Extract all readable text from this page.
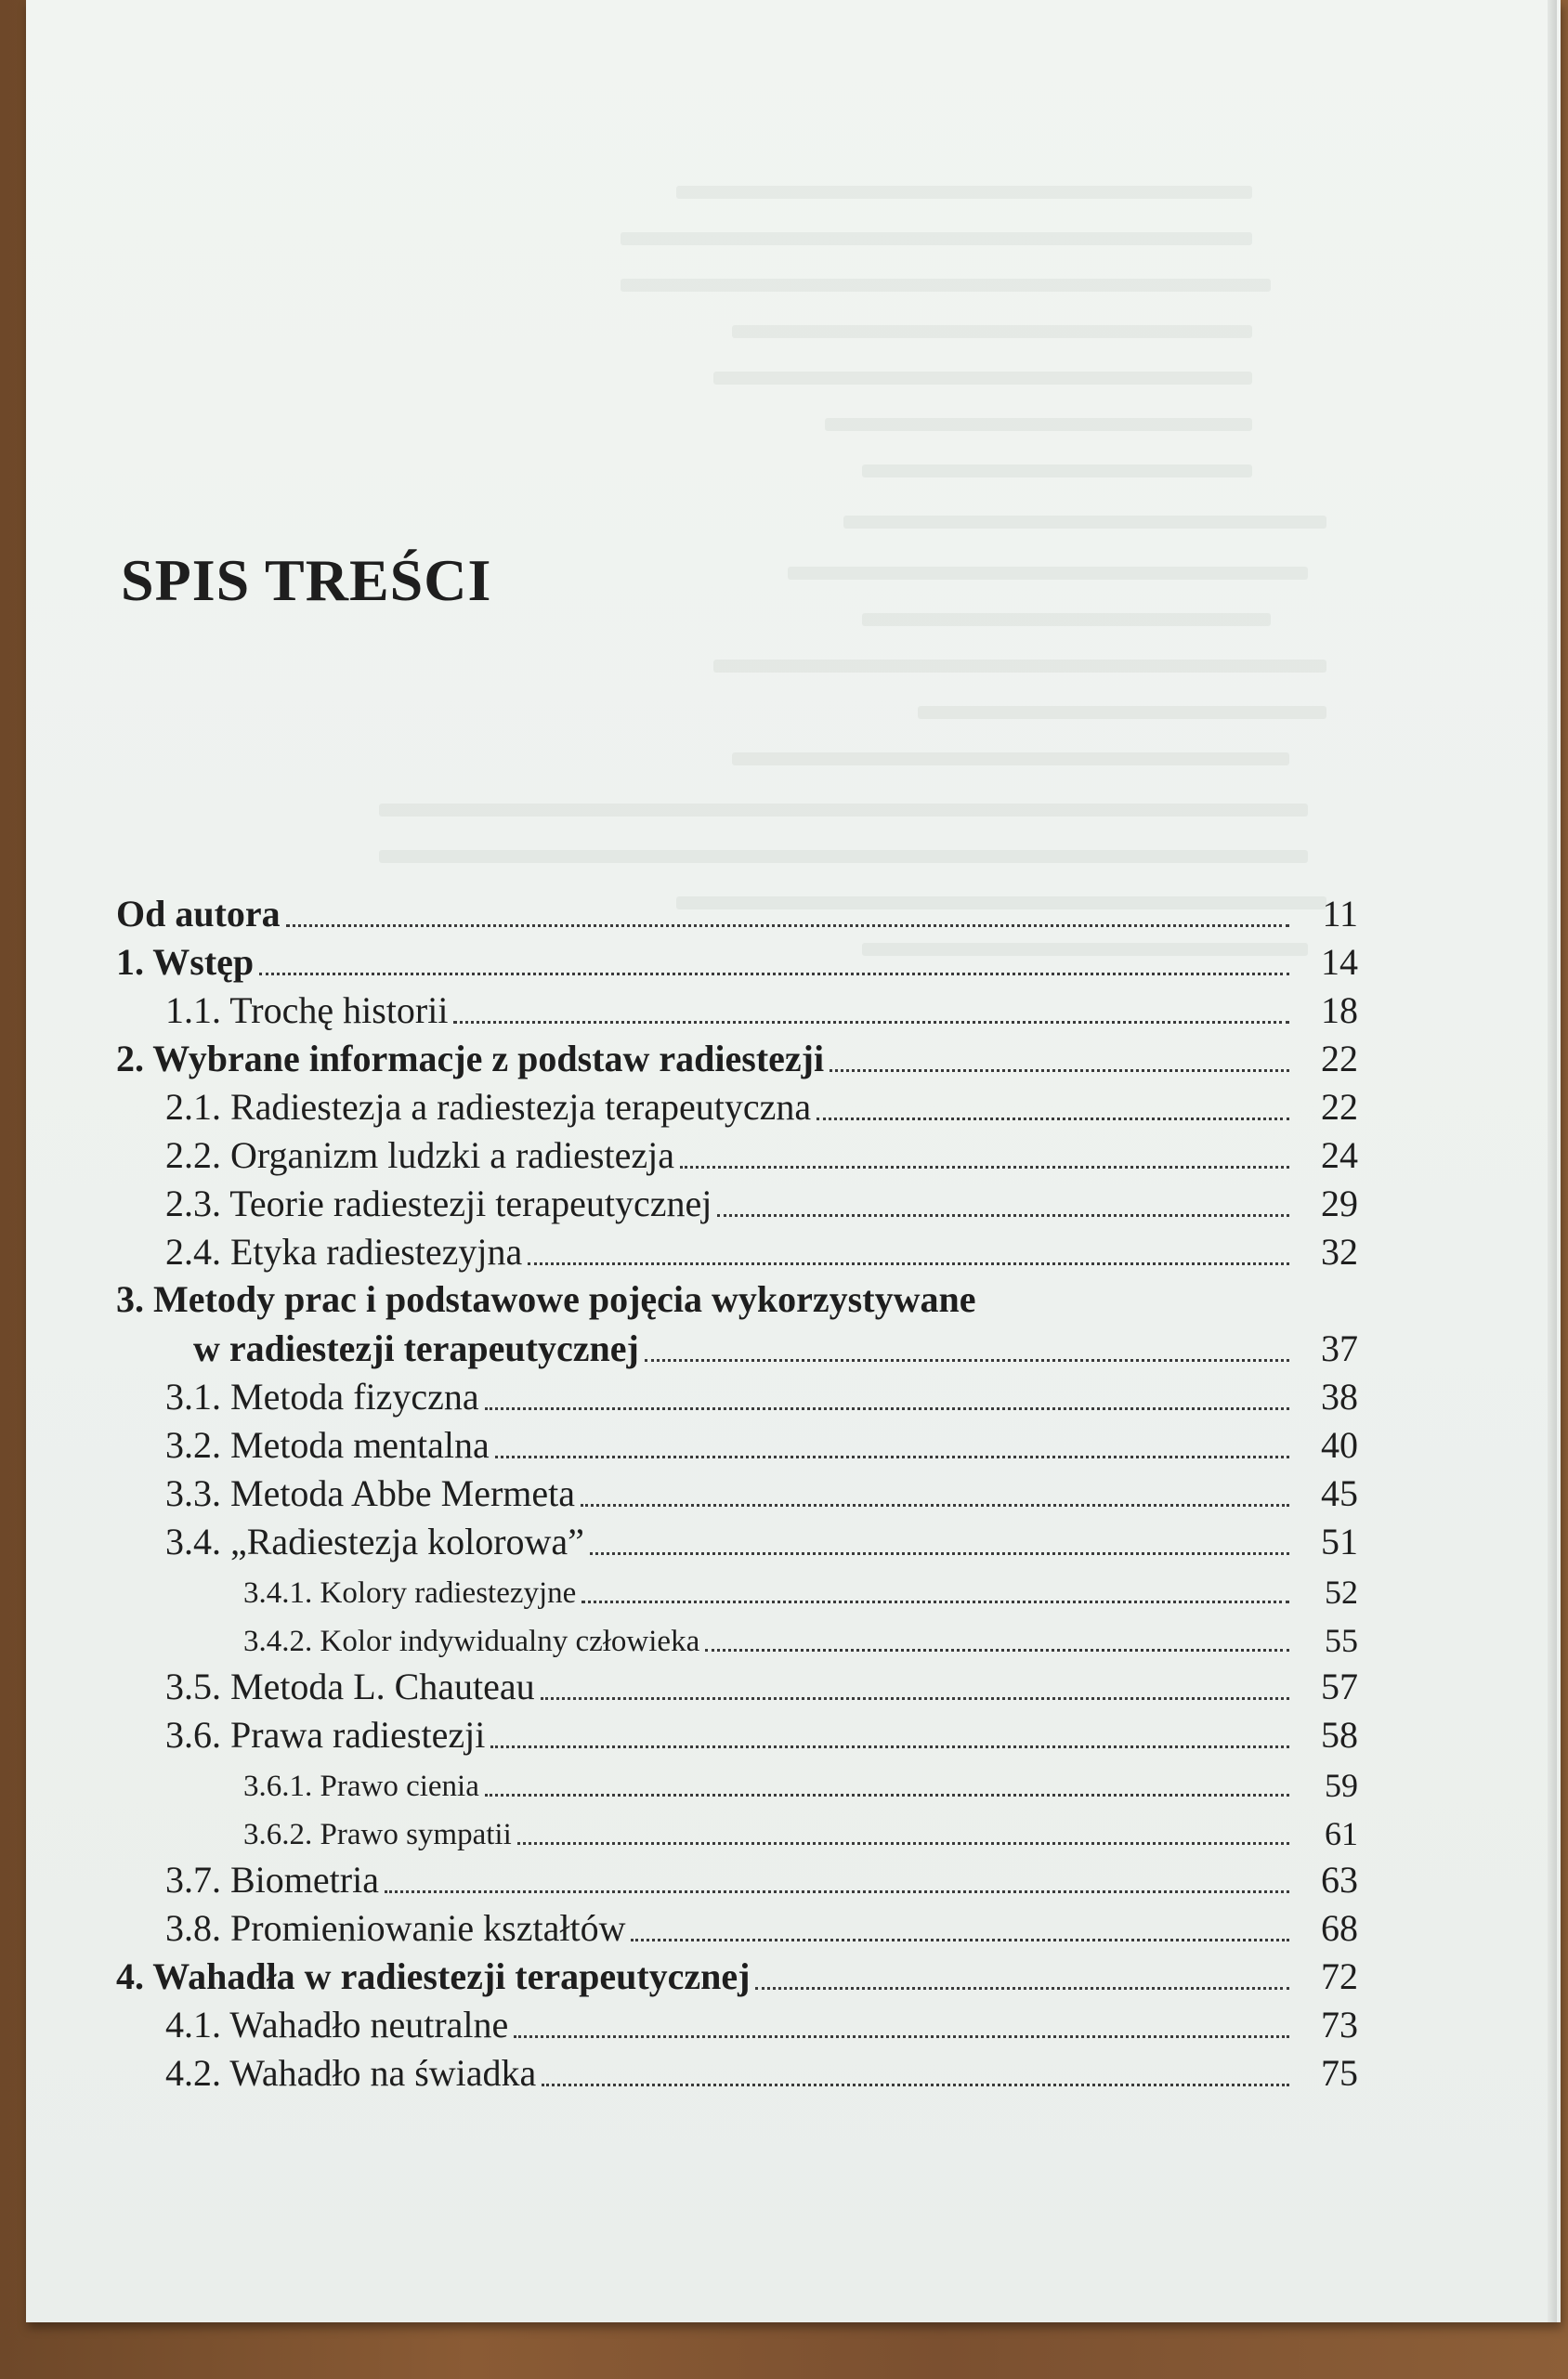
SPIS TREŚCI
Od autora	11
1. Wstęp	14
1.1. Trochę historii	18
2. Wybrane informacje z podstaw radiestezji	22
2.1. Radiestezja a radiestezja terapeutyczna	22
2.2. Organizm ludzki a radiestezja	24
2.3. Teorie radiestezji terapeutycznej	29
2.4. Etyka radiestezyjna	32
3. Metody prac i podstawowe pojęcia wykorzystywane
w radiestezji terapeutycznej	37
3.1. Metoda fizyczna	38
3.2. Metoda mentalna	40
3.3. Metoda Abbe Mermeta	45
3.4. „Radiestezja kolorowa”	51
3.4.1. Kolory radiestezyjne	52
3.4.2. Kolor indywidualny człowieka	55
3.5. Metoda L. Chauteau	57
3.6. Prawa radiestezji	58
3.6.1. Prawo cienia	59
3.6.2. Prawo sympatii	61
3.7. Biometria	63
3.8. Promieniowanie kształtów	68
4. Wahadła w radiestezji terapeutycznej	72
4.1. Wahadło neutralne	73
4.2. Wahadło na świadka	75
